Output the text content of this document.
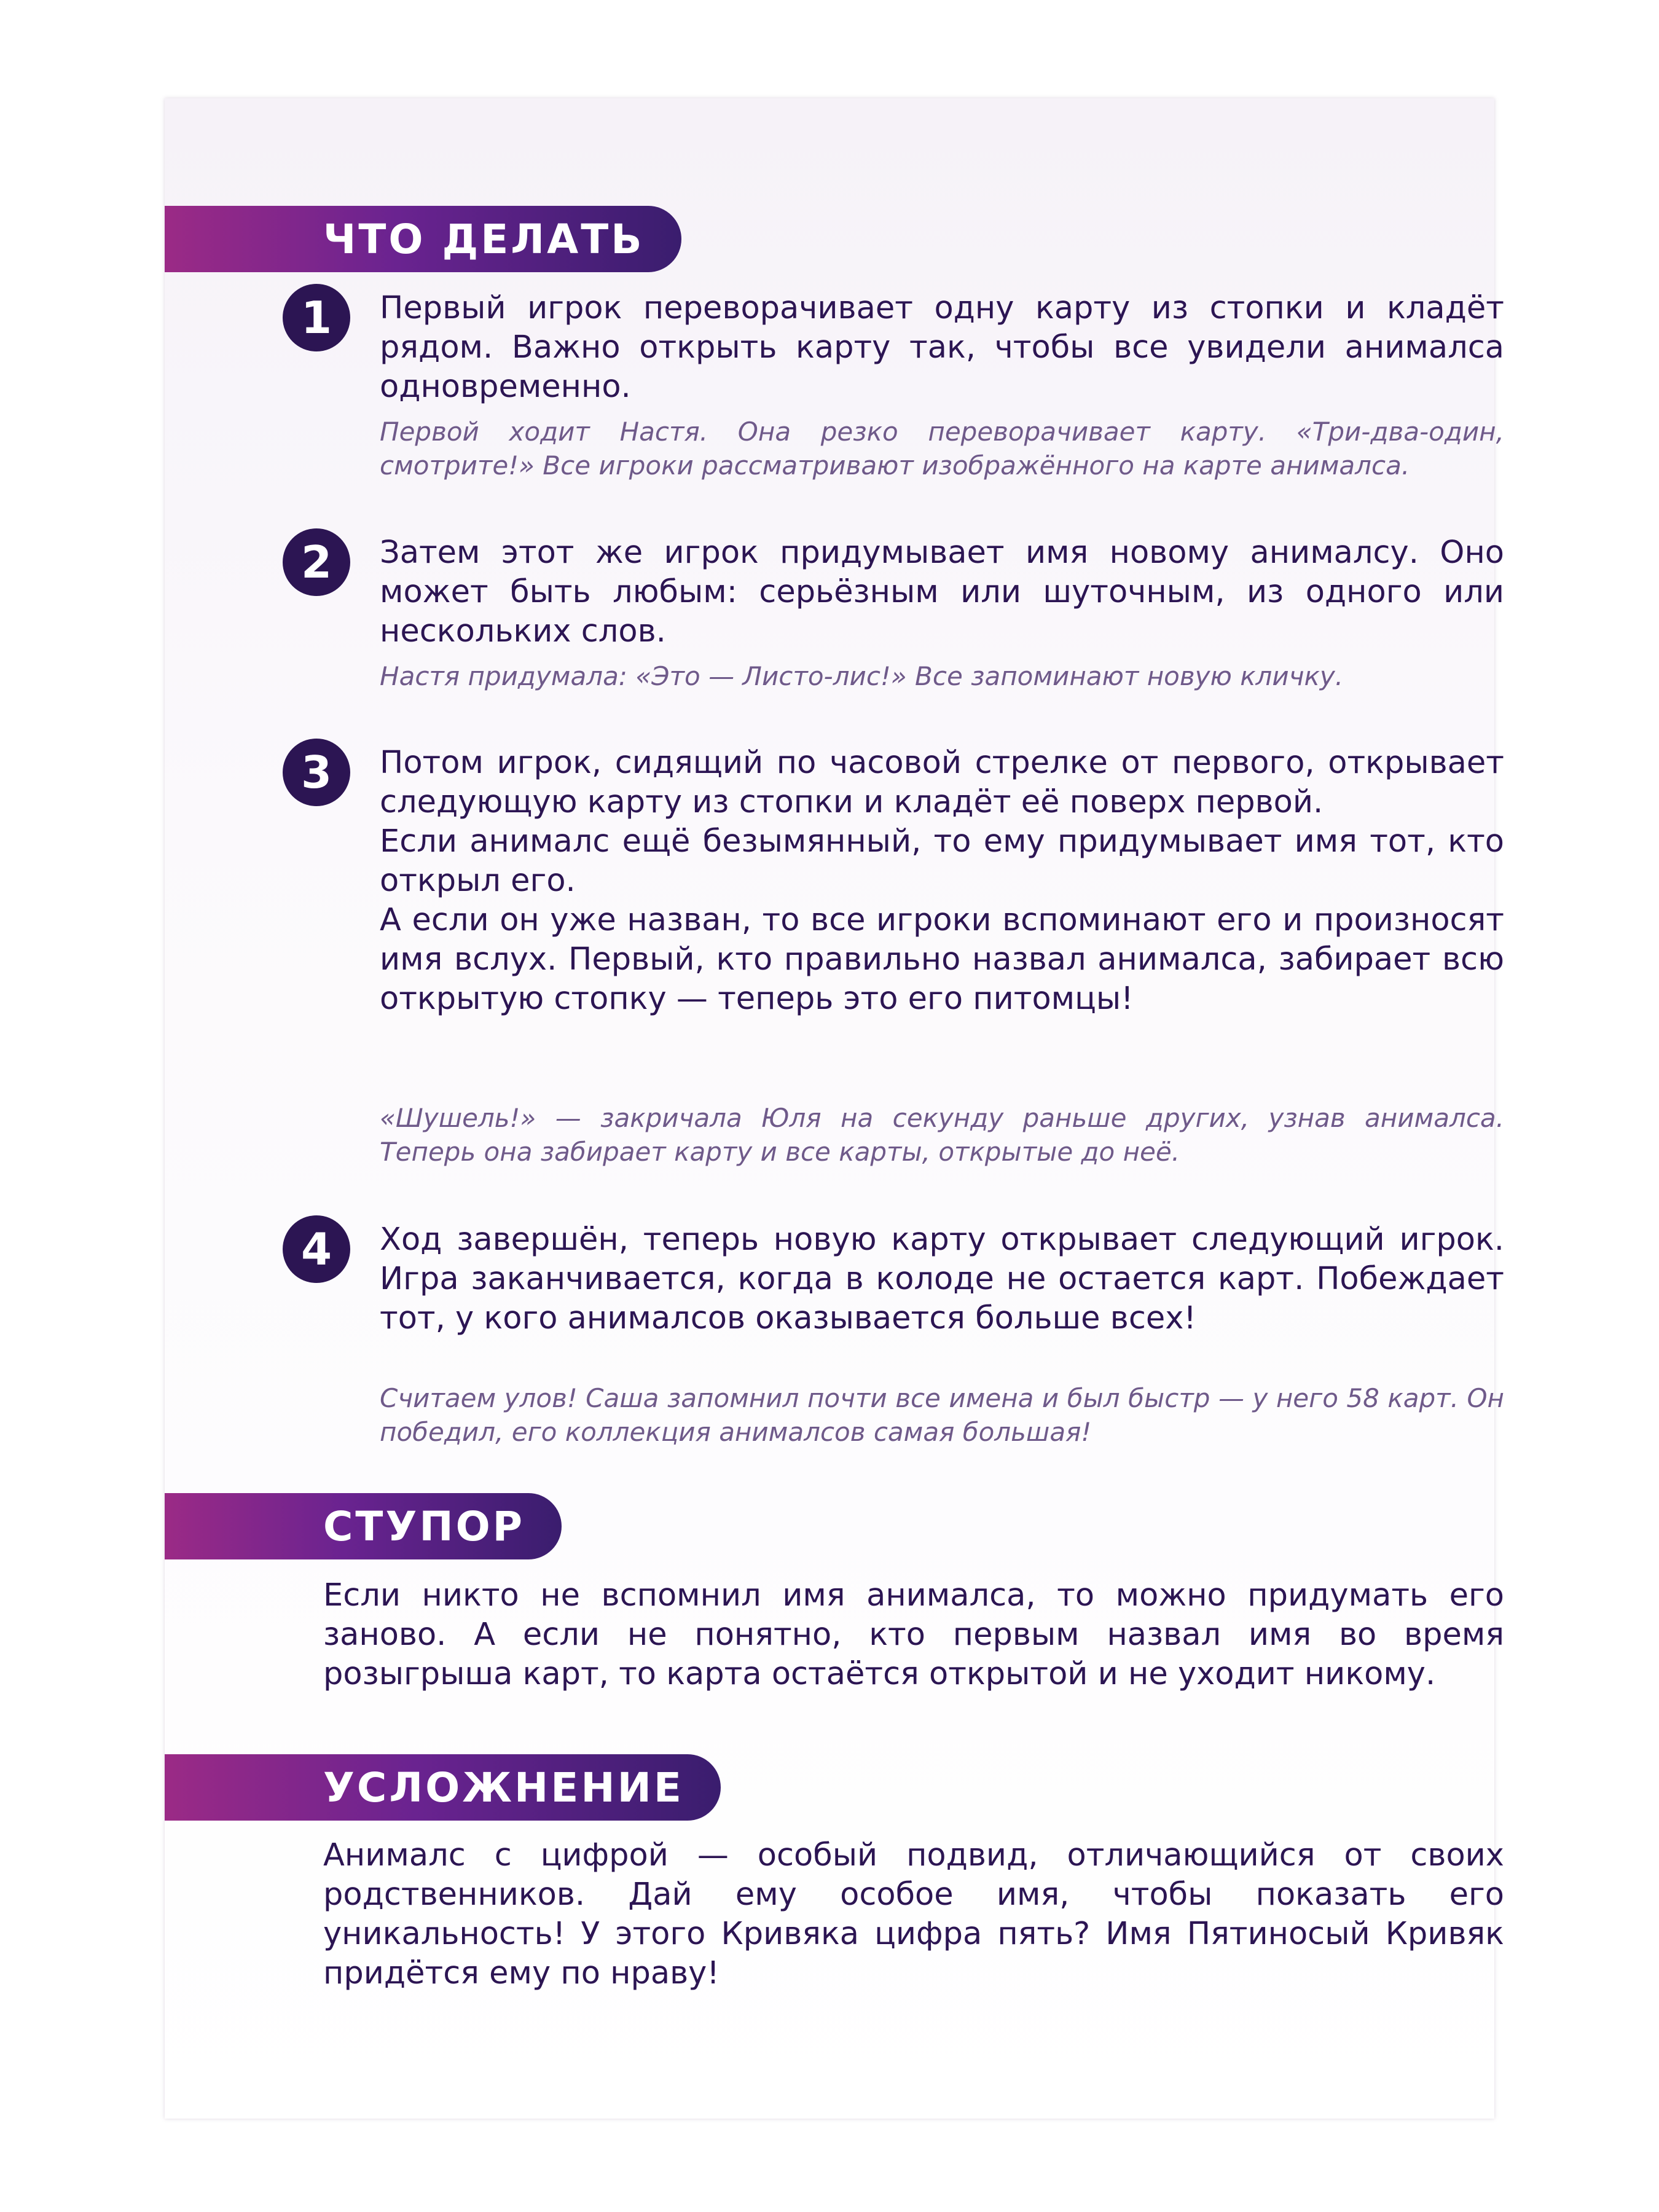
ЧТО ДЕЛАТЬ
1 Первый игрок переворачивает одну карту из стопки и кладёт рядом. Важно открыть карту так, чтобы все увидели анималса одновременно.

Первой ходит Настя. Она резко переворачивает карту. «Три-два-один, смотрите!» Все игроки рассматривают изображённого на карте анималса.
2 Затем этот же игрок придумывает имя новому анималсу. Оно может быть любым: серьёзным или шуточным, из одного или нескольких слов.

Настя придумала: «Это — Листо-лис!» Все запоминают новую кличку.
3 Потом игрок, сидящий по часовой стрелке от первого, открывает следующую карту из стопки и кладёт её поверх первой.

Если анималс ещё безымянный, то ему придумывает имя тот, кто открыл его.

А если он уже назван, то все игроки вспоминают его и произносят имя вслух. Первый, кто правильно назвал анималса, забирает всю открытую стопку — теперь это его питомцы!

«Шушель!» — закричала Юля на секунду раньше других, узнав анималса. Теперь она забирает карту и все карты, открытые до неё.
4 Ход завершён, теперь новую карту открывает следующий игрок. Игра заканчивается, когда в колоде не остается карт. Побеждает тот, у кого анималсов оказывается больше всех!

Считаем улов! Саша запомнил почти все имена и был быстр — у него 58 карт. Он победил, его коллекция анималсов самая большая!
СТУПОР
Если никто не вспомнил имя анималса, то можно придумать его заново. А если не понятно, кто первым назвал имя во время розыгрыша карт, то карта остаётся открытой и не уходит никому.
УСЛОЖНЕНИЕ
Анималс с цифрой — особый подвид, отличающийся от своих родственников. Дай ему особое имя, чтобы показать его уникальность! У этого Кривяка цифра пять? Имя Пятиносый Кривяк придётся ему по нраву!
